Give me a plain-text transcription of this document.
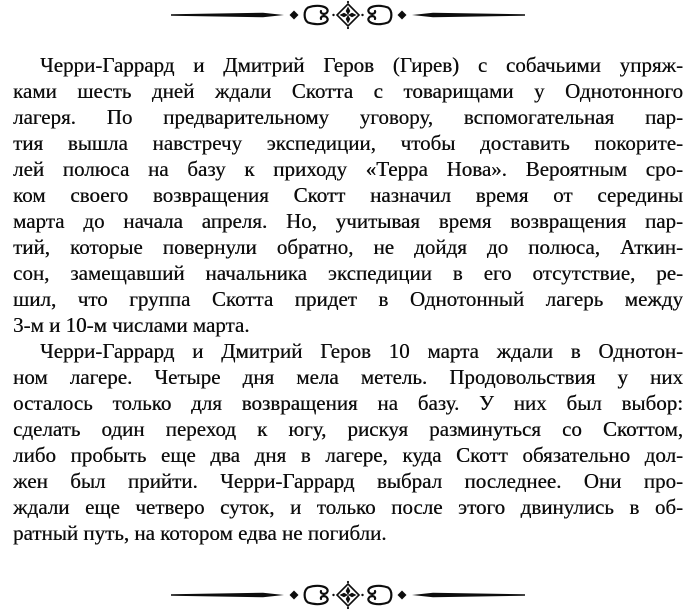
Черри-Гаррард и Дмитрий Геров (Гирев) с собачьими упряж-
ками шесть дней ждали Скотта с товарищами у Однотонного
лагеря. По предварительному уговору, вспомогательная пар-
тия вышла навстречу экспедиции, чтобы доставить покорите-
лей полюса на базу к приходу «Терра Нова». Вероятным сро-
ком своего возвращения Скотт назначил время от середины
марта до начала апреля. Но, учитывая время возвращения пар-
тий, которые повернули обратно, не дойдя до полюса, Аткин-
сон, замещавший начальника экспедиции в его отсутствие, ре-
шил, что группа Скотта придет в Однотонный лагерь между
3-м и 10-м числами марта.
Черри-Гаррард и Дмитрий Геров 10 марта ждали в Однотон-
ном лагере. Четыре дня мела метель. Продовольствия у них
осталось только для возвращения на базу. У них был выбор:
сделать один переход к югу, рискуя разминуться со Скоттом,
либо пробыть еще два дня в лагере, куда Скотт обязательно дол-
жен был прийти. Черри-Гаррард выбрал последнее. Они про-
ждали еще четверо суток, и только после этого двинулись в об-
ратный путь, на котором едва не погибли.
